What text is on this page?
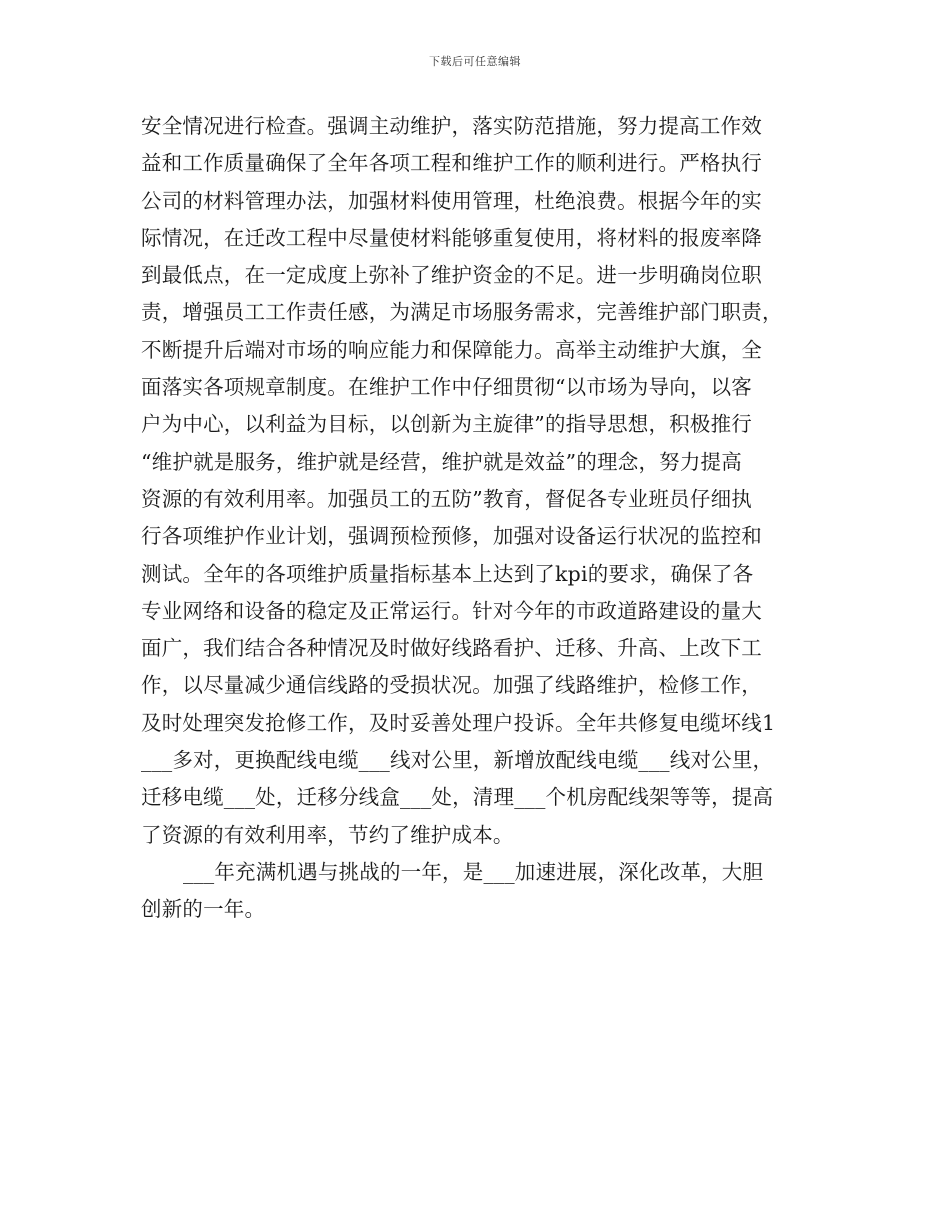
下载后可任意编辑
安全情况进行检查。强调主动维护，落实防范措施，努力提高工作效
益和工作质量确保了全年各项工程和维护工作的顺利进行。严格执行
公司的材料管理办法，加强材料使用管理，杜绝浪费。根据今年的实
际情况，在迁改工程中尽量使材料能够重复使用，将材料的报废率降
到最低点，在一定成度上弥补了维护资金的不足。进一步明确岗位职
责，增强员工工作责任感，为满足市场服务需求，完善维护部门职责，
不断提升后端对市场的响应能力和保障能力。高举主动维护大旗，全
面落实各项规章制度。在维护工作中仔细贯彻“以市场为导向，以客
户为中心，以利益为目标，以创新为主旋律”的指导思想，积极推行
“维护就是服务，维护就是经营，维护就是效益”的理念，努力提高
资源的有效利用率。加强员工的五防”教育，督促各专业班员仔细执
行各项维护作业计划，强调预检预修，加强对设备运行状况的监控和
测试。全年的各项维护质量指标基本上达到了kpi的要求，确保了各
专业网络和设备的稳定及正常运行。针对今年的市政道路建设的量大
面广，我们结合各种情况及时做好线路看护、迁移、升高、上改下工
作，以尽量减少通信线路的受损状况。加强了线路维护，检修工作，
及时处理突发抢修工作，及时妥善处理户投诉。全年共修复电缆坏线1
___多对，更换配线电缆___线对公里，新增放配线电缆___线对公里，
迁移电缆___处，迁移分线盒___处，清理___个机房配线架等等，提高
了资源的有效利用率，节约了维护成本。
___年充满机遇与挑战的一年，是___加速进展，深化改革，大胆
创新的一年。
